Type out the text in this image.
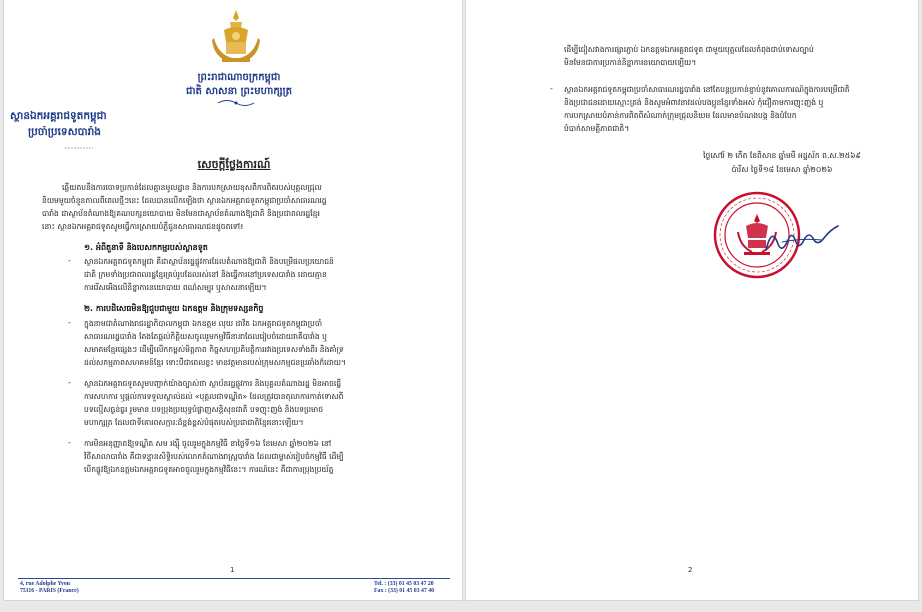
ព្រះរាជាណាចក្រកម្ពុជា
ជាតិ សាសនា ព្រះមហាក្សត្រ
ស្ថានឯកអគ្គរាជទូតកម្ពុជា
ប្រចាំប្រទេសបារាំង
សេចក្តីថ្លែងការណ៍
ឆ្លើយតបនឹងការចោទប្រកាន់ដែលគ្មានមូលដ្ឋាន និងការបកស្រាយខុសពីការពិតរបស់បុគ្គលជ្រុល
និយមមួយចំនួនកាលពីពេលថ្មីៗនេះ ដែលបានលើកឡើងថា ស្ថានឯកអគ្គរាជទូតកម្ពុជាប្រចាំសាធារណរដ្ឋ
បារាំង ជាស្ថាប័នតំណាងឱ្យគណបក្សនយោបាយ មិនមែនជាស្ថាប័នតំណាងឱ្យជាតិ និងប្រជាពលរដ្ឋខ្មែរ
នោះ ស្ថានឯកអគ្គរាជទូតសូមធ្វើការស្រាយបំភ្លឺជូនសាធារណជនដូចតទៅ៖
១. អំពីតួនាទី និងបេសកកម្មរបស់ស្ថានទូត
- ស្ថានឯកអគ្គរាជទូតកម្ពុជា គឺជាស្ថាប័នរដ្ឋផ្លូវការដែលតំណាងឱ្យជាតិ និងបម្រើផលប្រយោជន៍
ជាតិ ក្រមទាំងប្រជាពលរដ្ឋខ្មែរគ្រប់រូបដែលរស់នៅ និងធ្វើការនៅប្រទេសបារាំង ដោយគ្មាន
ការរើសអើងលើនិន្នាការនយោបាយ ពណ៌សម្បុរ ឬសាសនាឡើយ។
២. ការបដិសេធមិនឱ្យជួបជាមួយ ឯកឧត្តម និងក្រុមទស្សនកិច្ច
- ក្នុងនាមជាតំណាងរាជរដ្ឋាភិបាលកម្ពុជា ឯកឧត្តម លុយ ដាវិត ឯកអគ្គរាជទូតកម្ពុជាប្រចាំ
សាធារណរដ្ឋបារាំង តែងតែផ្តល់កិត្តិយសចូលរួមកម្មវិធីនានាដែលរៀបចំដោយរាគីបារាំង ឬ
សមាគមខ្មែរផ្សេងៗ ដើម្បីលើកកម្ពស់មិត្តភាព កិច្ចសហប្រតិបត្តិការរវាងប្រទេសទាំងពីរ និងគាំទ្រ
ដល់សកម្មភាពសហគមន៍ខ្មែរ ទោះបីជាពេលខ្លះ មានវត្តមានរបស់ក្រុមសកម្មជនប្រឆាំងក៏ដោយ។
- ស្ថានឯកអគ្គរាជទូតសូមបញ្ជាក់យ៉ាងច្បាស់ថា ស្ថាប័នរដ្ឋផ្លូវការ និងបុគ្គលតំណាងរដ្ឋ មិនអាចធ្វើ
ការសហការ ឬផ្តល់ការទទួលស្គាល់ដល់ «បុគ្គលជាទណ្ឌិត» ដែលត្រូវបានតុលាការកាត់ទោសពី
បទល្មើសធ្ងន់ធ្ងរ រួមមាន បទប្រុងប្រយុទ្ធបំផ្លាញសន្តិសុខជាតិ បទញុះញង់ និងបទប្រមាថ
មហាក្សត្រ ដែលជាទីគោរពសក្ការៈដ៏ខ្ពង់ខ្ពស់បំផុតរបស់ប្រជាជាតិខ្មែរនោះឡើយ។
- ការមិនអនុញ្ញាតឱ្យទណ្ឌិត សម រង្ស៊ី ចូលរួមក្នុងកម្មវិធី នាថ្ងៃទី១៦ ខែមេសា ឆ្នាំ២០២៦ នៅ
វិថីសាលាបារាំង គឺជាទន្ទានសិទ្ធិរបស់លោកតំណាងរាស្ត្របារាំង ដែលជាម្ចាស់រៀបចំកម្មវិធី ដើម្បី
បើកផ្លូវឱ្យឯកឧត្តមឯកអគ្គរាជទូតអាចចូលរួមក្នុងកម្មវិធីនេះ។ ការណ៍នេះ គឺជាការប្រុងប្រយ័ត្ន
1
4, rue Adolphe Yvon
75116 - PARIS (France)
Tel. : (33) 01 45 03 47 20
Fax : (33) 01 45 03 47 40
ដើម្បីជៀសវាងការផ្សារភ្ជាប់ ឯកឧត្តមឯកអគ្គរាជទូត ជាមួយបុគ្គលដែលកំពុងជាប់ទោសច្បាប់
មិនមែនជាការប្រកាន់និន្នាការនយោបាយឡើយ។
- ស្ថានឯកអគ្គរាជទូតកម្ពុជាប្រចាំសាធារណរដ្ឋបារាំង នៅតែបន្តប្រកាន់ខ្ជាប់នូវគោលការណ៍ក្នុងការបម្រើជាតិ
និងប្រជាជនដោយស្មោះត្រង់ និងសូមអំពាវនាវដល់បងប្អូនខ្មែរទាំងអស់ កុំជឿតាមការញុះញង់ ឬ
ការបកស្រាយបំភាន់ការពិតពីសំណាក់ក្រុមជ្រុលនិយម ដែលមានបំណងបង្ក និងបំបែក
បំបាក់សាមគ្គីភាពជាតិ។
ថ្ងៃសៅរ៍ ២ កើត ខែពិសាខ ឆ្នាំមមី អដ្ឋស័ក ព.ស.២៥៦៩
ប៉ារីស ថ្ងៃទី១៨ ខែមេសា ឆ្នាំ២០២៦
2
